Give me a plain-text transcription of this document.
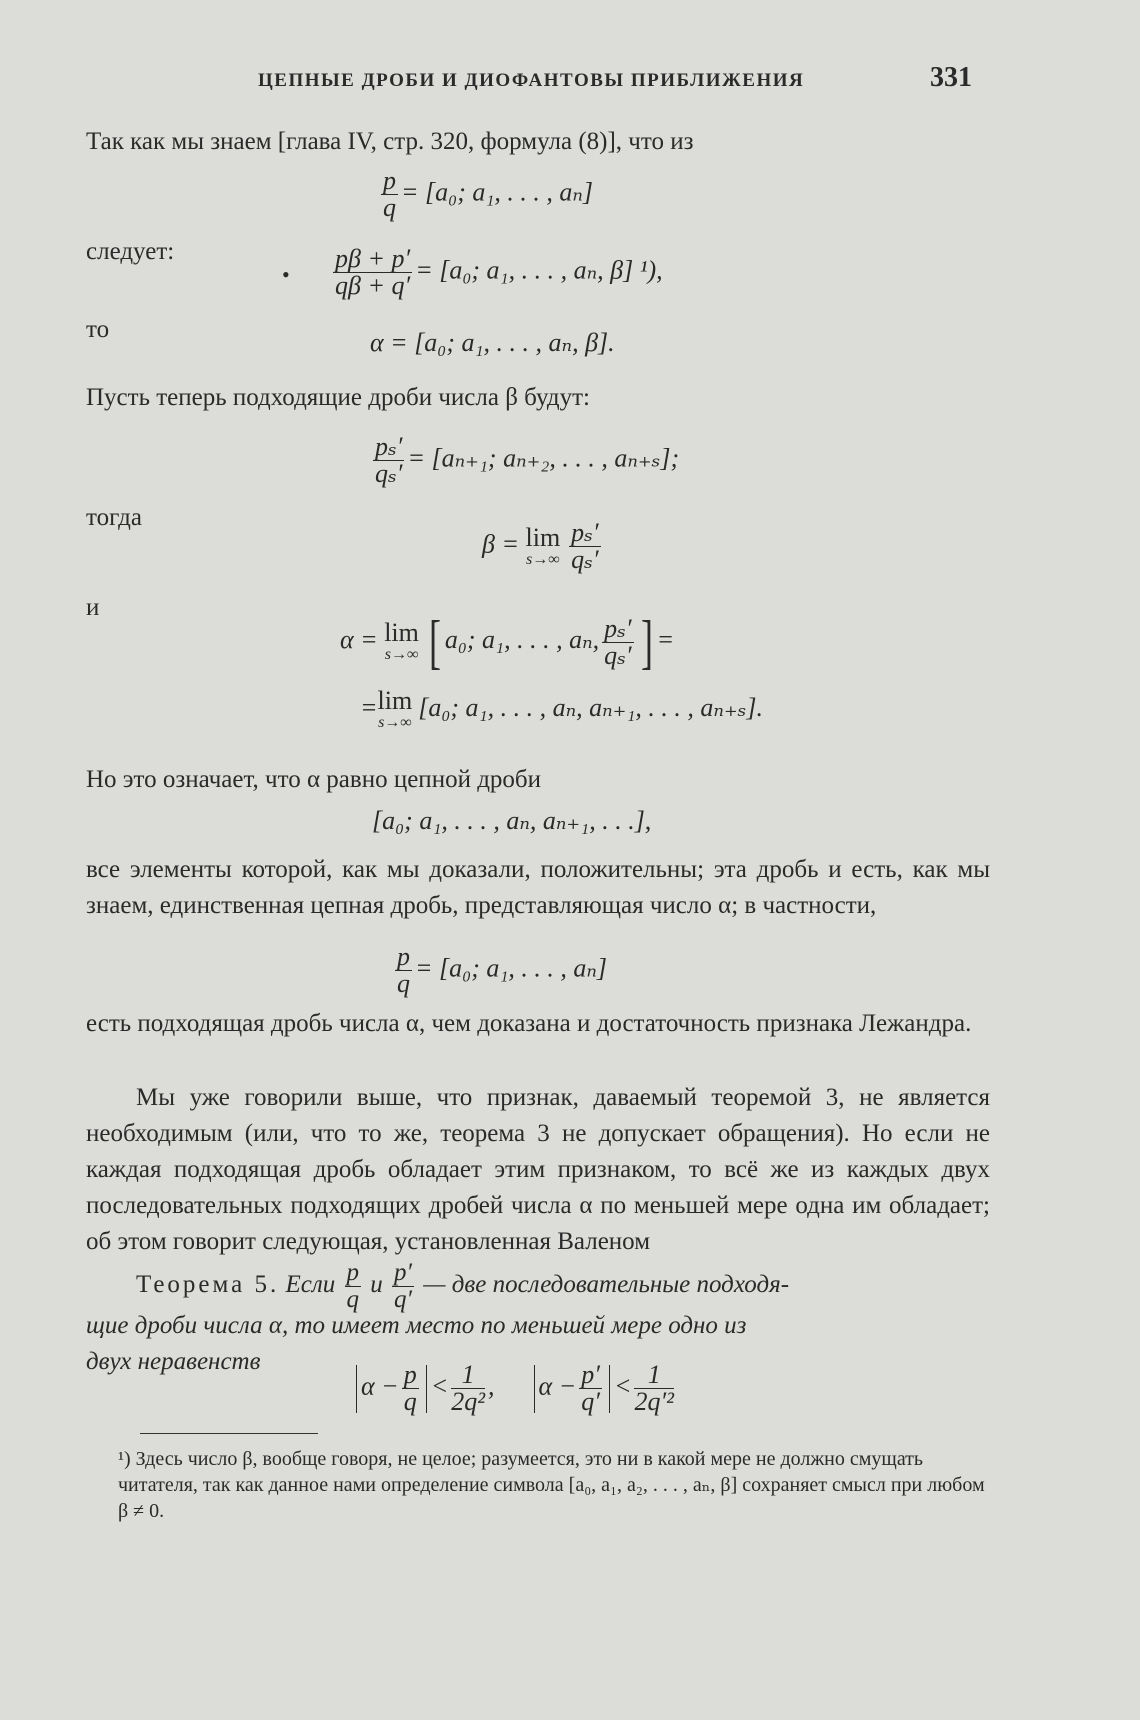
ЦЕПНЫЕ ДРОБИ И ДИОФАНТОВЫ ПРИБЛИЖЕНИЯ	331
Так как мы знаем [глава IV, стр. 320, формула (8)], что из
$\frac{p}{q} = [a_0$; a₁, . . . , aₙ]
следует:
• $\frac{p\beta + p'}{q\beta + q'} = [a_0$; a₁, . . . , aₙ, β] ¹),
то	α = [a₀; a₁, . . . , aₙ, β].
Пусть теперь подходящие дроби числа β будут:
$\frac{\text{pₛ′}}{\text{qₛ′}} = [a_{n+1}$; aₙ₊₂, . . . , aₙ₊ₛ];
тогда
β = lim
$s\to\infty \frac{\text{pₛ′}}{\text{qₛ′}}$
и
α = lim
s→∞ [ a₀; a₁, . . . , aₙ, $\frac{\text{pₛ′}}{\text{qₛ′}}$ ] =
= lim
s→∞
[a₀; a₁, . . . , aₙ, aₙ₊₁, . . . , aₙ₊ₛ].
Но это означает, что α равно цепной дроби
[a₀; a₁, . . . , aₙ, aₙ₊₁, . . .],
все элементы которой, как мы доказали, положительны; эта дробь и есть, как мы знаем, единственная цепная дробь, представляющая число α; в частности,
$\frac{p}{q} = [a_0$; a₁, . . . , aₙ]
есть подходящая дробь числа α, чем доказана и достаточность признака Лежандра.
Мы уже говорили выше, что признак, даваемый теоремой 3, не является необходимым (или, что то же, теорема 3 не допускает обращения). Но если не каждая подходящая дробь обладает этим признаком, то всё же из каждых двух последовательных подходящих дробей числа α по меньшей мере одна им обладает; об этом говорит следующая, установленная Валеном
Теорема 5. Если $\frac{p}{q}$ и $\frac{p'}{q'}$ — две последовательные подходя-
щие дроби числа α, то имеет место по меньшей мере одно из
двух неравенств
$\alpha - \frac{p}{q} < \frac{1}{\text{2q²}}$ , $\alpha - \frac{p'}{q'} < \frac{1}{\text{2q′²}}$
¹) Здесь число β, вообще говоря, не целое; разумеется, это ни в какой мере не должно смущать читателя, так как данное нами определение символа [a₀, a₁, a₂, . . . , aₙ, β] сохраняет смысл при любом β ≠ 0.
